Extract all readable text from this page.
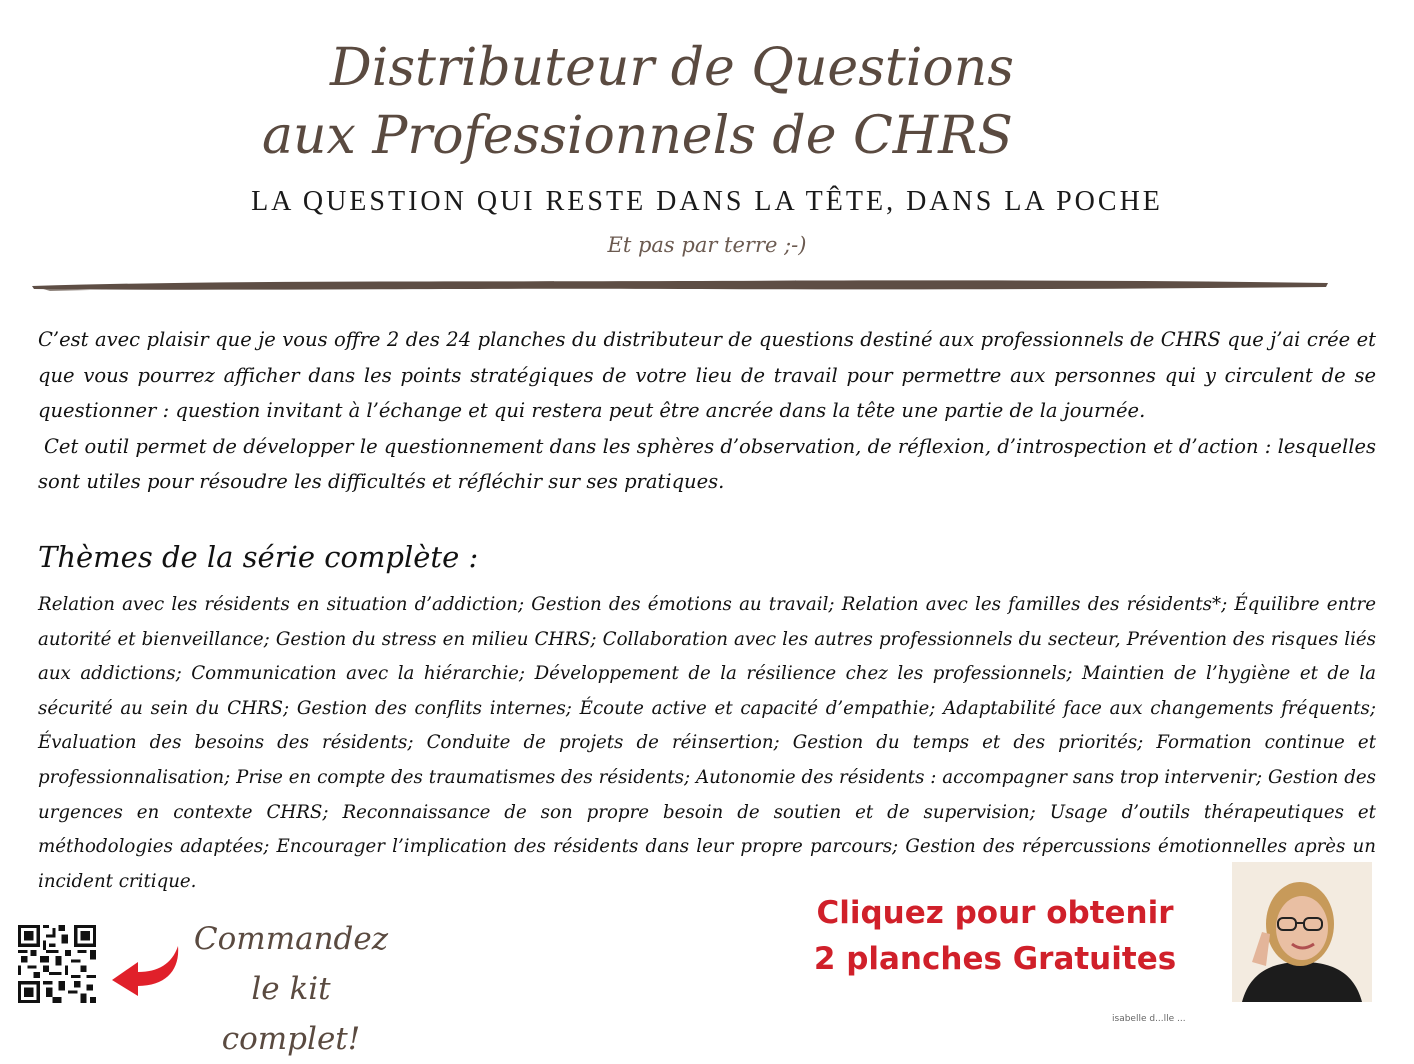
Distributeur de Questions
aux Professionnels de CHRS
LA QUESTION QUI RESTE DANS LA TÊTE, DANS LA POCHE
Et pas par terre ;-)

C’est avec plaisir que je vous offre 2 des 24 planches du distributeur de questions destiné aux professionnels de CHRS que j’ai crée et que vous pourrez afficher dans les points stratégiques de votre lieu de travail pour permettre aux personnes qui y circulent de se questionner : question invitant à l’échange et qui restera peut être ancrée dans la tête une partie de la journée.

Cet outil permet de développer le questionnement dans les sphères d’observation, de réflexion, d’introspection et d’action : lesquelles sont utiles pour résoudre les difficultés et réfléchir sur ses pratiques.

Thèmes de la série complète :

Relation avec les résidents en situation d’addiction; Gestion des émotions au travail; Relation avec les familles des résidents*; Équilibre entre autorité et bienveillance; Gestion du stress en milieu CHRS; Collaboration avec les autres professionnels du secteur, Prévention des risques liés aux addictions; Communication avec la hiérarchie; Développement de la résilience chez les professionnels; Maintien de l’hygiène et de la sécurité au sein du CHRS; Gestion des conflits internes; Écoute active et capacité d’empathie; Adaptabilité face aux changements fréquents; Évaluation des besoins des résidents; Conduite de projets de réinsertion; Gestion du temps et des priorités; Formation continue et professionnalisation; Prise en compte des traumatismes des résidents; Autonomie des résidents : accompagner sans trop intervenir; Gestion des urgences en contexte CHRS; Reconnaissance de son propre besoin de soutien et de supervision; Usage d’outils thérapeutiques et méthodologies adaptées; Encourager l’implication des résidents dans leur propre parcours; Gestion des répercussions émotionnelles après un incident critique.

Commandez
le kit complet!
Cliquez pour obtenir
2 planches Gratuites
isabelle d...lle ...
